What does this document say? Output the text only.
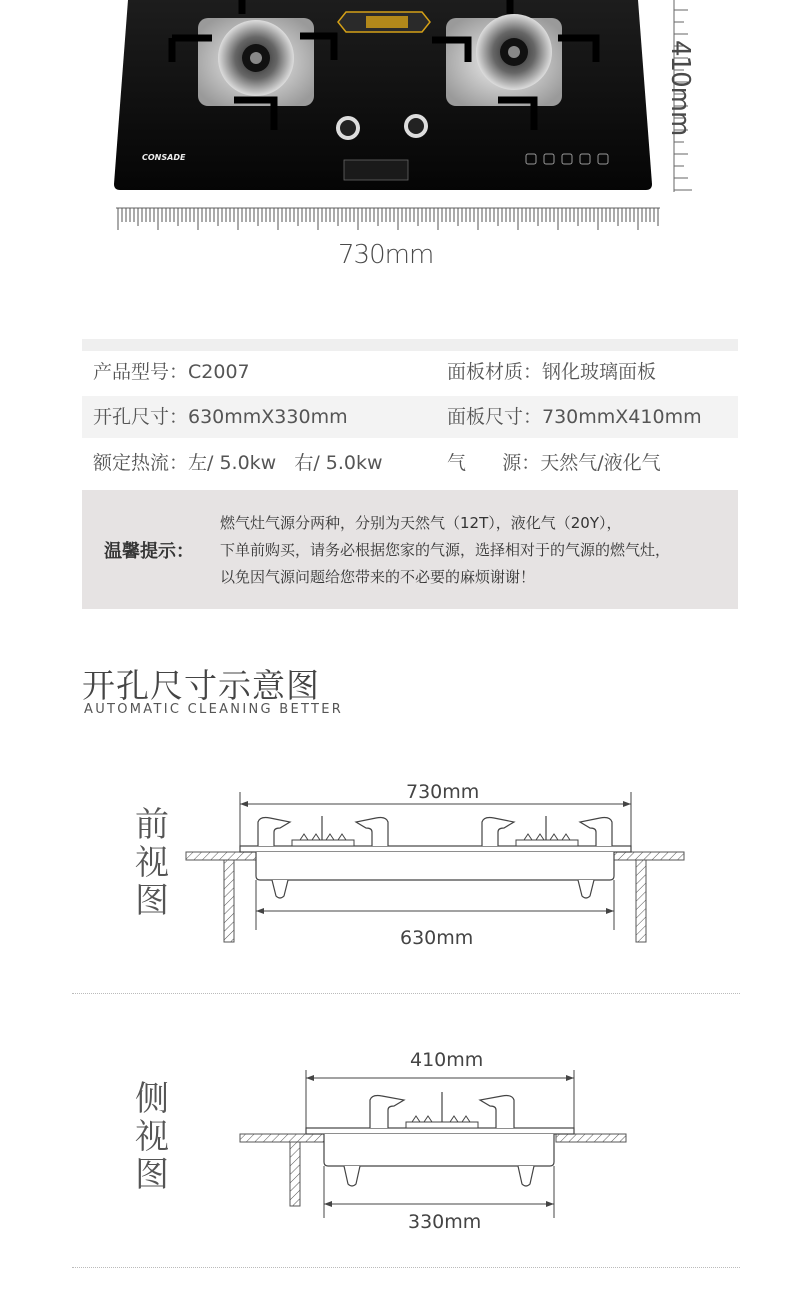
CONSADE
410mm
730mm
产品型号：C2007	面板材质：钢化玻璃面板
开孔尺寸：630mmX330mm	面板尺寸：730mmX410mm
额定热流：左/ 5.0kw   右/ 5.0kw	气      源：天然气/液化气
温馨提示：
燃气灶气源分两种，分别为天然气（12T），液化气（20Y），
下单前购买，请务必根据您家的气源，选择相对于的气源的燃气灶，
以免因气源问题给您带来的不必要的麻烦谢谢！
开孔尺寸示意图
AUTOMATIC CLEANING BETTER
前
视
图
730mm
630mm
侧
视
图
410mm
330mm
